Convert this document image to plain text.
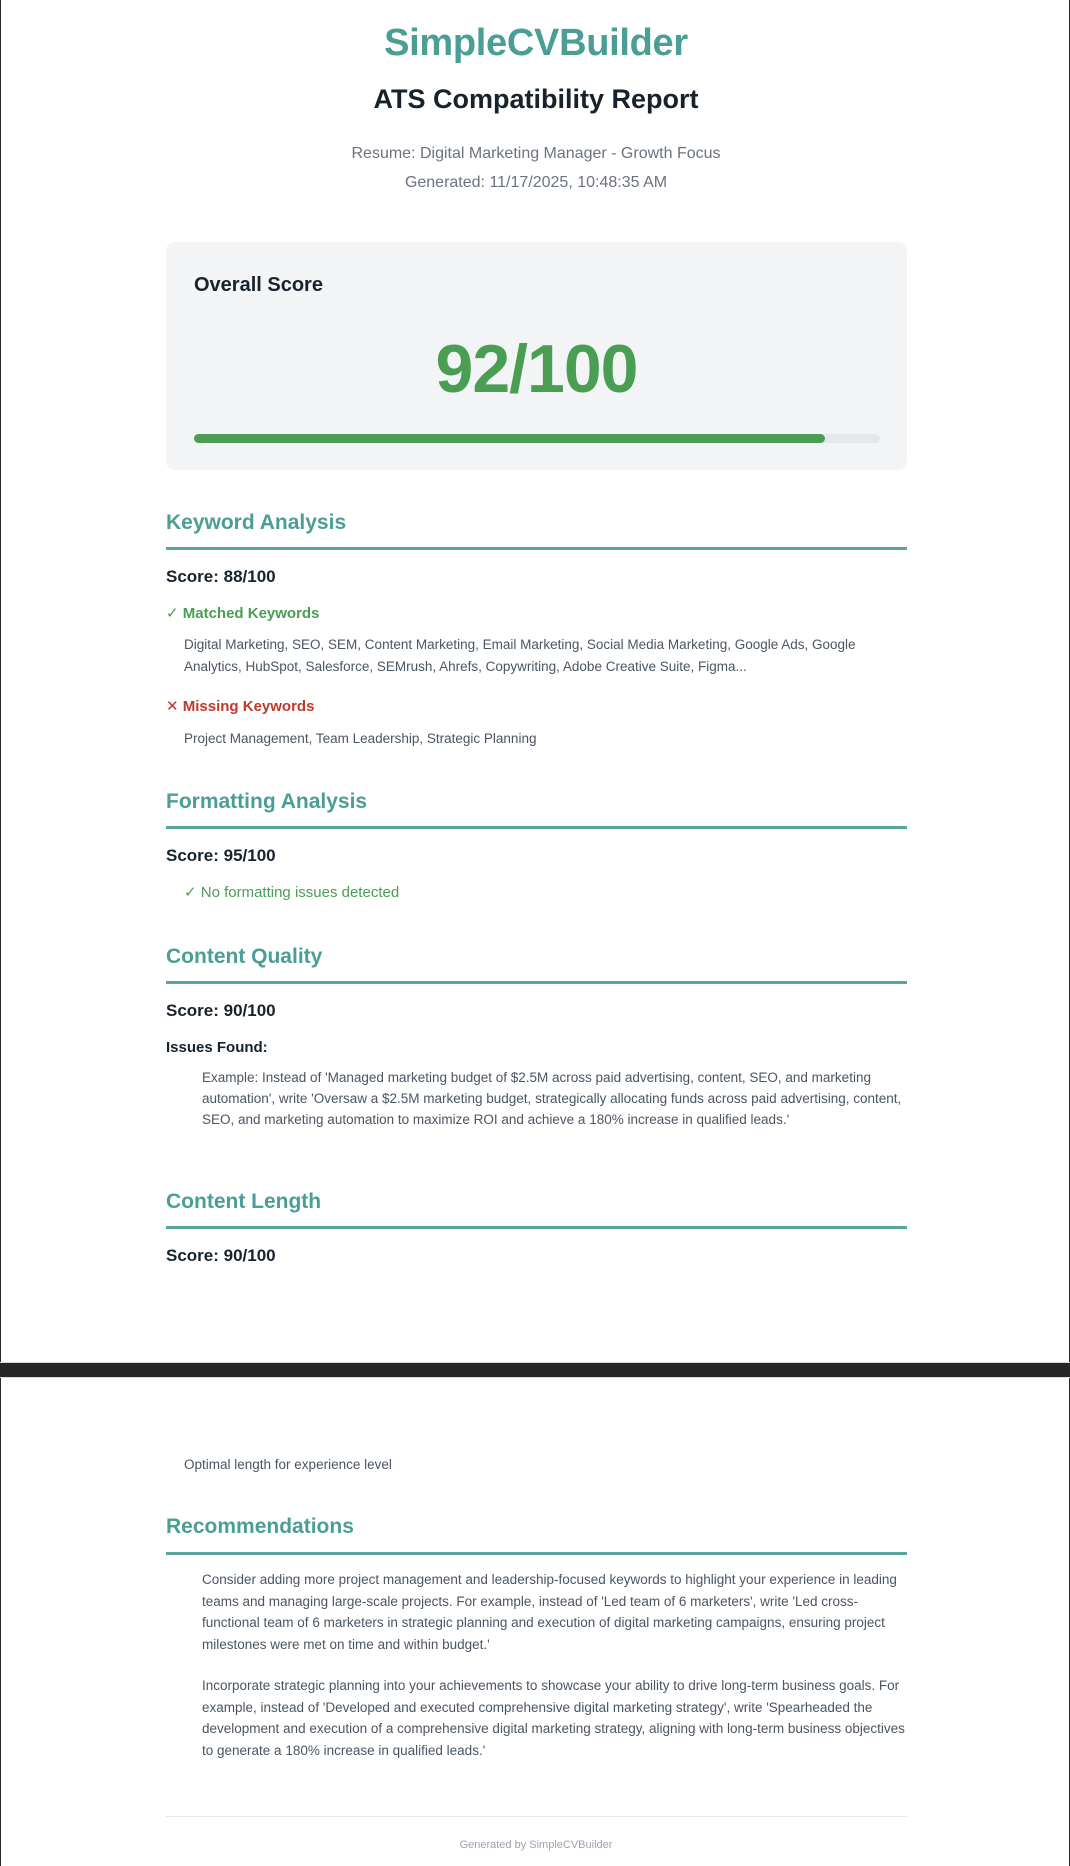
SimpleCVBuilder
ATS Compatibility Report
Resume: Digital Marketing Manager - Growth Focus
Generated: 11/17/2025, 10:48:35 AM
Overall Score
92/100
Keyword Analysis
Score: 88/100
✓ Matched Keywords
Digital Marketing, SEO, SEM, Content Marketing, Email Marketing, Social Media Marketing, Google Ads, Google Analytics, HubSpot, Salesforce, SEMrush, Ahrefs, Copywriting, Adobe Creative Suite, Figma...
✕ Missing Keywords
Project Management, Team Leadership, Strategic Planning
Formatting Analysis
Score: 95/100
✓ No formatting issues detected
Content Quality
Score: 90/100
Issues Found:
Example: Instead of 'Managed marketing budget of $2.5M across paid advertising, content, SEO, and marketing automation', write 'Oversaw a $2.5M marketing budget, strategically allocating funds across paid advertising, content, SEO, and marketing automation to maximize ROI and achieve a 180% increase in qualified leads.'
Content Length
Score: 90/100
Optimal length for experience level
Recommendations
Consider adding more project management and leadership-focused keywords to highlight your experience in leading teams and managing large-scale projects. For example, instead of 'Led team of 6 marketers', write 'Led cross-functional team of 6 marketers in strategic planning and execution of digital marketing campaigns, ensuring project milestones were met on time and within budget.'
Incorporate strategic planning into your achievements to showcase your ability to drive long-term business goals. For example, instead of 'Developed and executed comprehensive digital marketing strategy', write 'Spearheaded the development and execution of a comprehensive digital marketing strategy, aligning with long-term business objectives to generate a 180% increase in qualified leads.'
Generated by SimpleCVBuilder
